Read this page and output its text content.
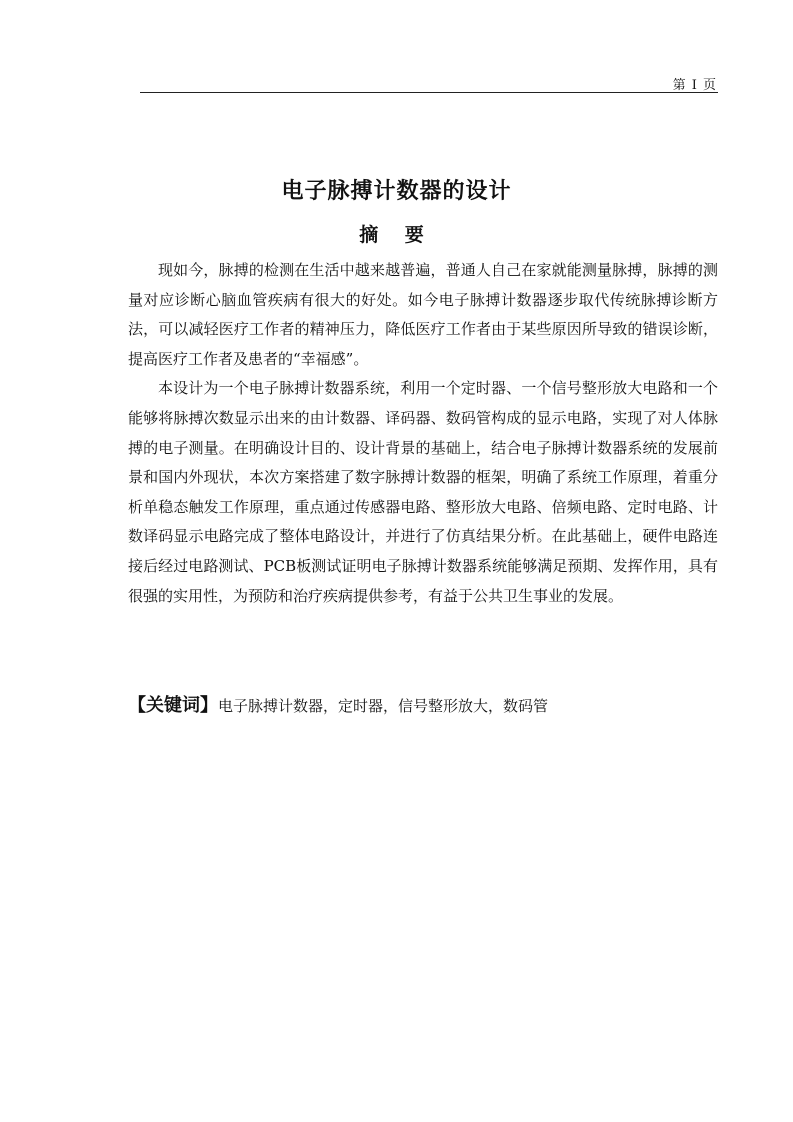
第 I 页
电子脉搏计数器的设计
摘 要

现如今，脉搏的检测在生活中越来越普遍，普通人自己在家就能测量脉搏，脉搏的测量对应诊断心脑血管疾病有很大的好处。如今电子脉搏计数器逐步取代传统脉搏诊断方法，可以减轻医疗工作者的精神压力，降低医疗工作者由于某些原因所导致的错误诊断，提高医疗工作者及患者的“幸福感”。

本设计为一个电子脉搏计数器系统，利用一个定时器、一个信号整形放大电路和一个能够将脉搏次数显示出来的由计数器、译码器、数码管构成的显示电路，实现了对人体脉搏的电子测量。在明确设计目的、设计背景的基础上，结合电子脉搏计数器系统的发展前景和国内外现状，本次方案搭建了数字脉搏计数器的框架，明确了系统工作原理，着重分析单稳态触发工作原理，重点通过传感器电路、整形放大电路、倍频电路、定时电路、计数译码显示电路完成了整体电路设计，并进行了仿真结果分析。在此基础上，硬件电路连接后经过电路测试、PCB板测试证明电子脉搏计数器系统能够满足预期、发挥作用，具有很强的实用性，为预防和治疗疾病提供参考，有益于公共卫生事业的发展。

【关键词】电子脉搏计数器，定时器，信号整形放大，数码管
